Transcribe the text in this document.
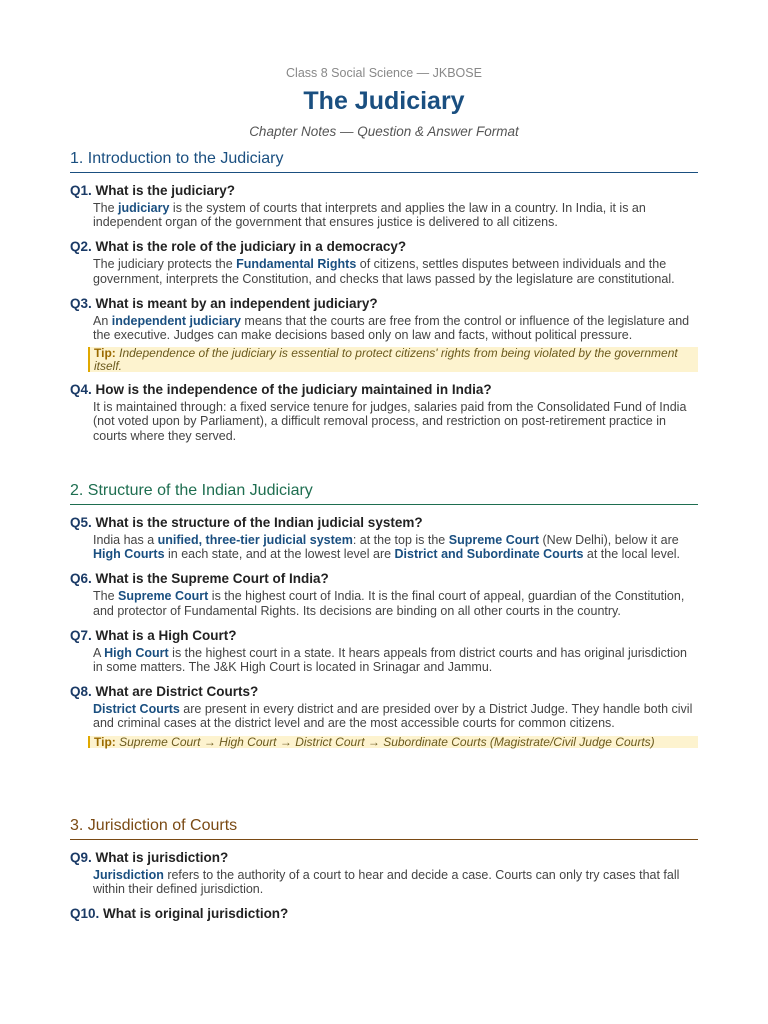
Class 8 Social Science — JKBOSE
The Judiciary
Chapter Notes — Question & Answer Format
1. Introduction to the Judiciary
Q1. What is the judiciary?
The judiciary is the system of courts that interprets and applies the law in a country. In India, it is an independent organ of the government that ensures justice is delivered to all citizens.
Q2. What is the role of the judiciary in a democracy?
The judiciary protects the Fundamental Rights of citizens, settles disputes between individuals and the government, interprets the Constitution, and checks that laws passed by the legislature are constitutional.
Q3. What is meant by an independent judiciary?
An independent judiciary means that the courts are free from the control or influence of the legislature and the executive. Judges can make decisions based only on law and facts, without political pressure.
Tip: Independence of the judiciary is essential to protect citizens' rights from being violated by the government itself.
Q4. How is the independence of the judiciary maintained in India?
It is maintained through: a fixed service tenure for judges, salaries paid from the Consolidated Fund of India (not voted upon by Parliament), a difficult removal process, and restriction on post-retirement practice in courts where they served.
2. Structure of the Indian Judiciary
Q5. What is the structure of the Indian judicial system?
India has a unified, three-tier judicial system: at the top is the Supreme Court (New Delhi), below it are High Courts in each state, and at the lowest level are District and Subordinate Courts at the local level.
Q6. What is the Supreme Court of India?
The Supreme Court is the highest court of India. It is the final court of appeal, guardian of the Constitution, and protector of Fundamental Rights. Its decisions are binding on all other courts in the country.
Q7. What is a High Court?
A High Court is the highest court in a state. It hears appeals from district courts and has original jurisdiction in some matters. The J&K High Court is located in Srinagar and Jammu.
Q8. What are District Courts?
District Courts are present in every district and are presided over by a District Judge. They handle both civil and criminal cases at the district level and are the most accessible courts for common citizens.
Tip: Supreme Court → High Court → District Court → Subordinate Courts (Magistrate/Civil Judge Courts)
3. Jurisdiction of Courts
Q9. What is jurisdiction?
Jurisdiction refers to the authority of a court to hear and decide a case. Courts can only try cases that fall within their defined jurisdiction.
Q10. What is original jurisdiction?
